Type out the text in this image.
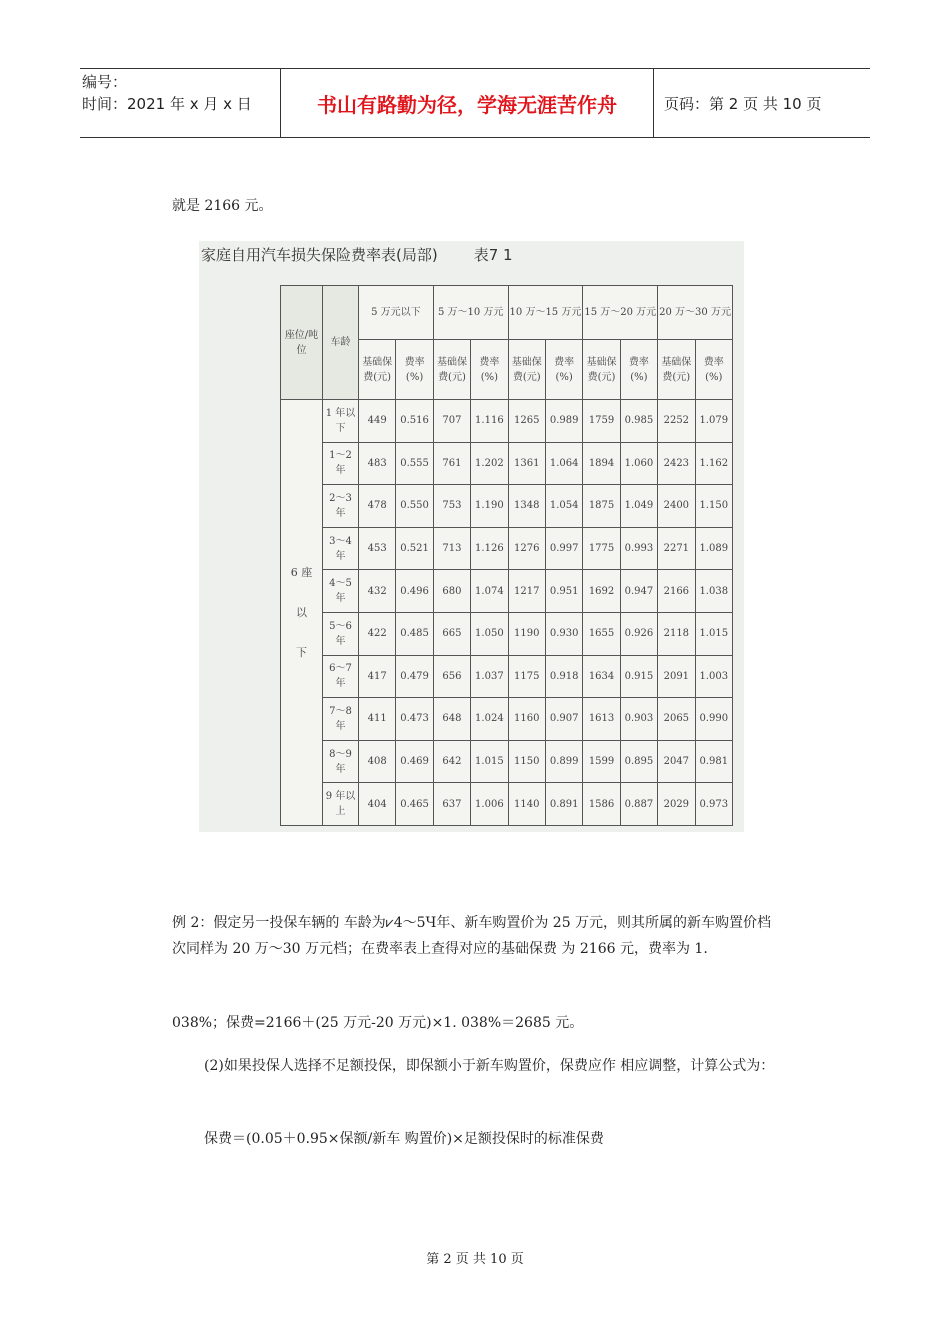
编号：
时间：2021 年 x 月 x 日	书山有路勤为径，学海无涯苦作舟	页码：第 2 页 共 10 页
就是 2166 元。
家庭自用汽车损失保险费率表(局部) 表7 1
座位/吨位	车龄	5 万元以下		5 万～10 万元		10 万～15 万元		15 万～20 万元		20 万～30 万元	
		基础保费(元)	费率(%)	基础保费(元)	费率(%)	基础保费(元)	费率(%)	基础保费(元)	费率(%)	基础保费(元)	费率(%)
6 座 以 下	1 年以下	449	0.516	707	1.116	1265	0.989	1759	0.985	2252	1.079
	1～2 年	483	0.555	761	1.202	1361	1.064	1894	1.060	2423	1.162
	2～3 年	478	0.550	753	1.190	1348	1.054	1875	1.049	2400	1.150
	3～4 年	453	0.521	713	1.126	1276	0.997	1775	0.993	2271	1.089
	4～5 年	432	0.496	680	1.074	1217	0.951	1692	0.947	2166	1.038
	5～6 年	422	0.485	665	1.050	1190	0.930	1655	0.926	2118	1.015
	6～7 年	417	0.479	656	1.037	1175	0.918	1634	0.915	2091	1.003
	7～8 年	411	0.473	648	1.024	1160	0.907	1613	0.903	2065	0.990
	8～9 年	408	0.469	642	1.015	1150	0.899	1599	0.895	2047	0.981
	9 年以上	404	0.465	637	1.006	1140	0.891	1586	0.887	2029	0.973
例 2：假定另一投保车辆的 车龄为⩗4～5Ч年、新车购置价为 25 万元，则其所属的新车购置价档次同样为 20 万～30 万元档；在费率表上查得对应的基础保费 为 2166 元，费率为 1.
038%；保费=2166＋(25 万元-20 万元)×1. 038%＝2685 元。
(2)如果投保人选择不足额投保，即保额小于新车购置价，保费应作 相应调整，计算公式为：
保费＝(0.05＋0.95×保额/新车 购置价)×足额投保时的标准保费
第 2 页 共 10 页
